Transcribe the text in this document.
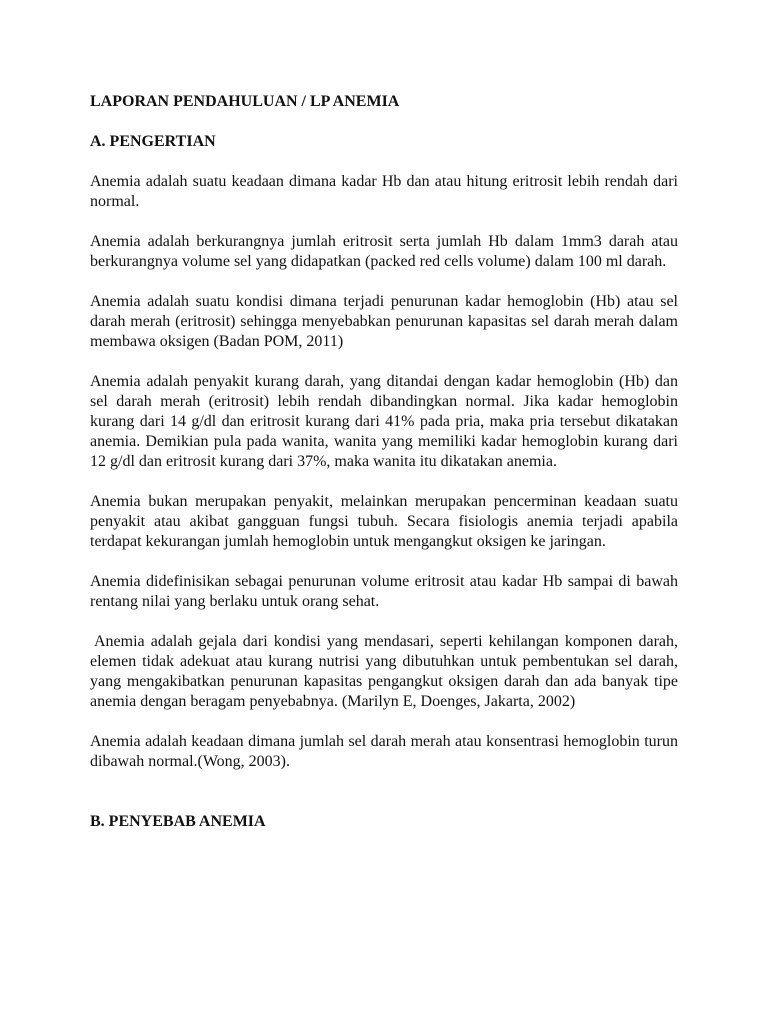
LAPORAN PENDAHULUAN / LP ANEMIA
A. PENGERTIAN

Anemia adalah suatu keadaan dimana kadar Hb dan atau hitung eritrosit lebih rendah dari normal.

Anemia adalah berkurangnya jumlah eritrosit serta jumlah Hb dalam 1mm3 darah atau berkurangnya volume sel yang didapatkan (packed red cells volume) dalam 100 ml darah.

Anemia adalah suatu kondisi dimana terjadi penurunan kadar hemoglobin (Hb) atau sel darah merah (eritrosit) sehingga menyebabkan penurunan kapasitas sel darah merah dalam membawa oksigen (Badan POM, 2011)

Anemia adalah penyakit kurang darah, yang ditandai dengan kadar hemoglobin (Hb) dan sel darah merah (eritrosit) lebih rendah dibandingkan normal. Jika kadar hemoglobin kurang dari 14 g/dl dan eritrosit kurang dari 41% pada pria, maka pria tersebut dikatakan anemia. Demikian pula pada wanita, wanita yang memiliki kadar hemoglobin kurang dari 12 g/dl dan eritrosit kurang dari 37%, maka wanita itu dikatakan anemia.

Anemia bukan merupakan penyakit, melainkan merupakan pencerminan keadaan suatu penyakit atau akibat gangguan fungsi tubuh. Secara fisiologis anemia terjadi apabila terdapat kekurangan jumlah hemoglobin untuk mengangkut oksigen ke jaringan.

Anemia didefinisikan sebagai penurunan volume eritrosit atau kadar Hb sampai di bawah rentang nilai yang berlaku untuk orang sehat.

Anemia adalah gejala dari kondisi yang mendasari, seperti kehilangan komponen darah, elemen tidak adekuat atau kurang nutrisi yang dibutuhkan untuk pembentukan sel darah, yang mengakibatkan penurunan kapasitas pengangkut oksigen darah dan ada banyak tipe anemia dengan beragam penyebabnya. (Marilyn E, Doenges, Jakarta, 2002)

Anemia adalah keadaan dimana jumlah sel darah merah atau konsentrasi hemoglobin turun dibawah normal.(Wong, 2003).

B. PENYEBAB ANEMIA
